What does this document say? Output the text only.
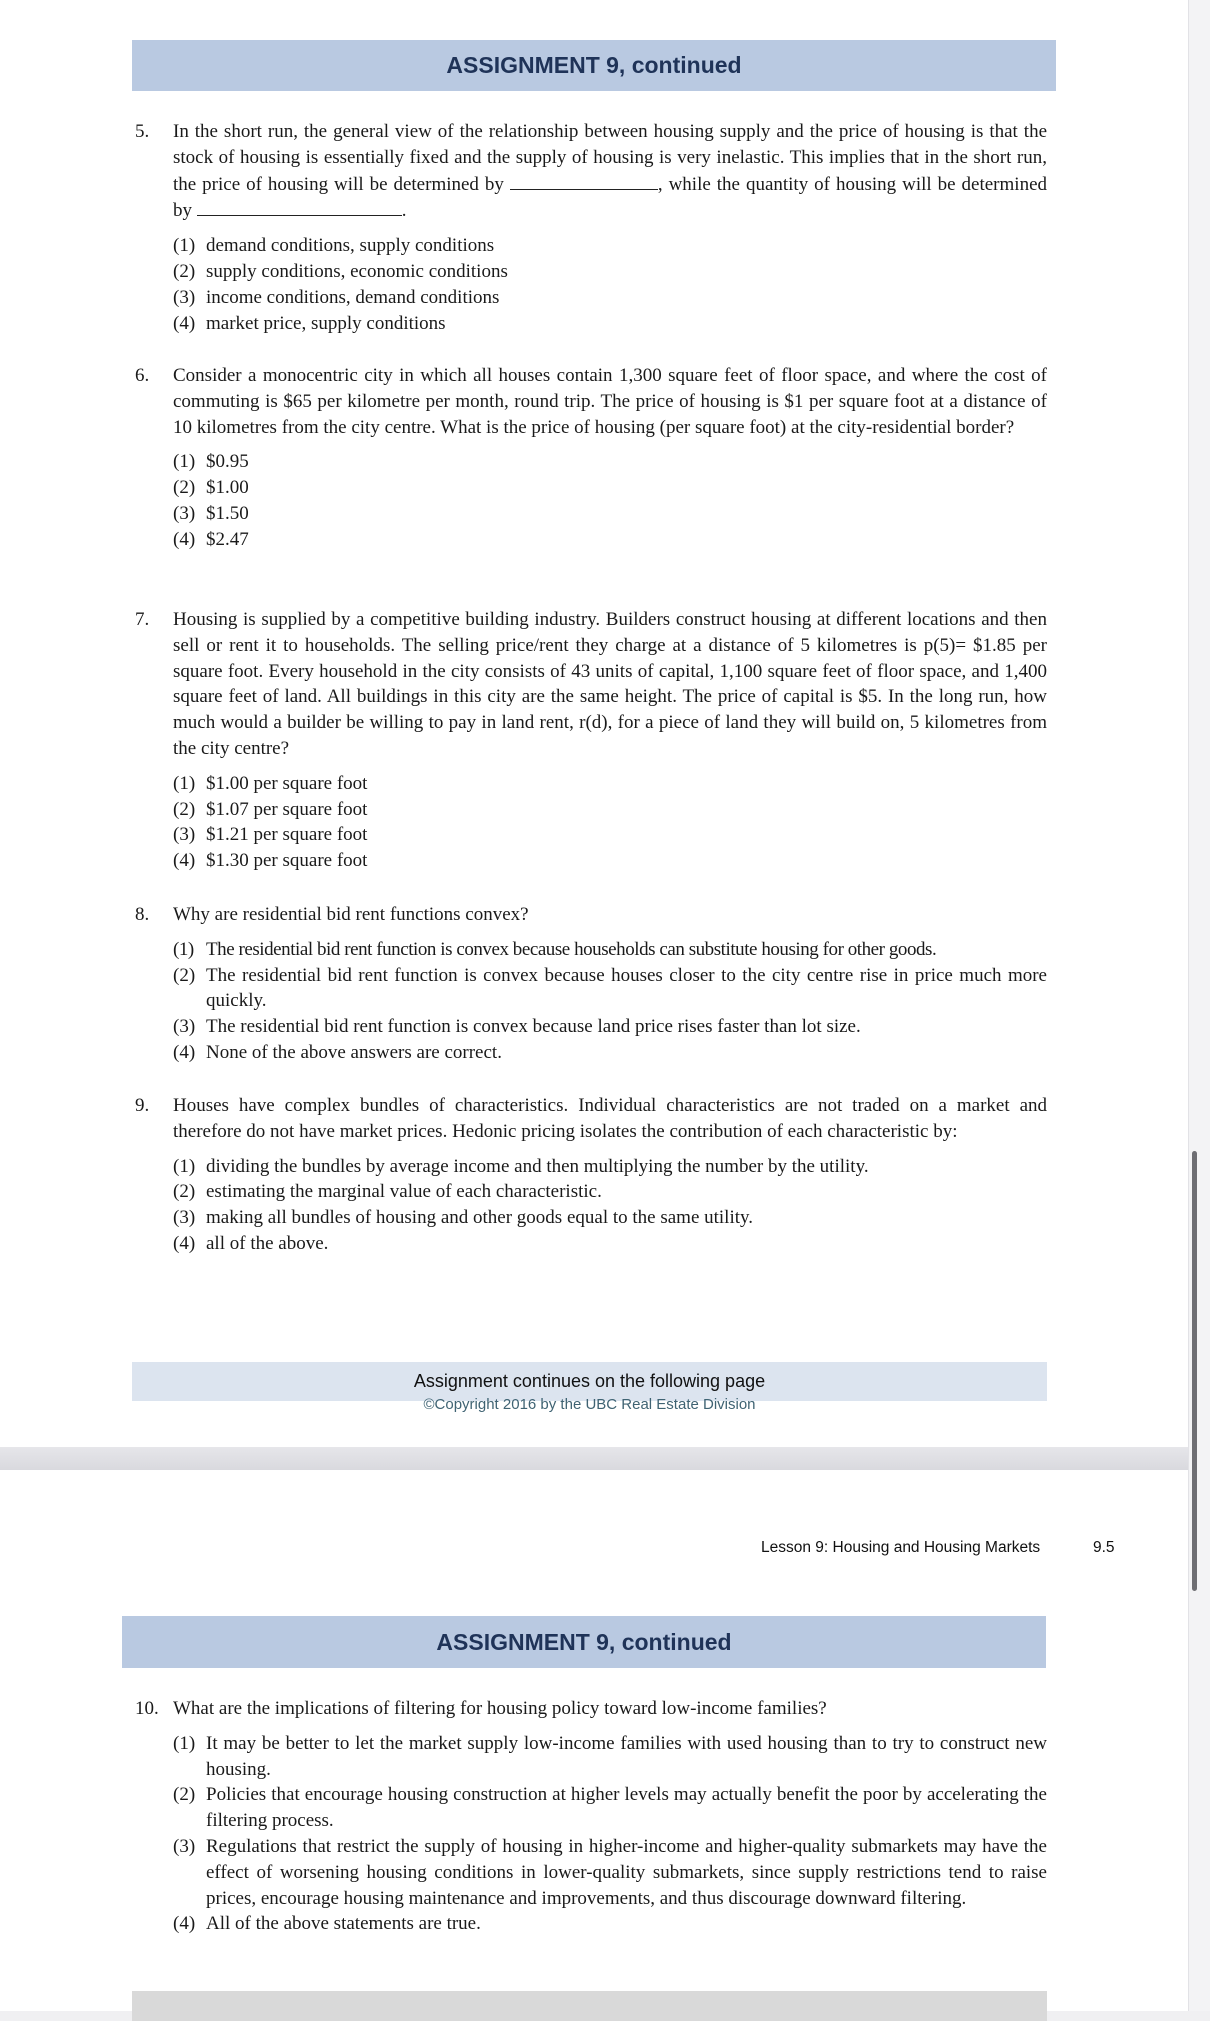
ASSIGNMENT 9, continued
5. In the short run, the general view of the relationship between housing supply and the price of housing is that the stock of housing is essentially fixed and the supply of housing is very inelastic. This implies that in the short run, the price of housing will be determined by	, while the quantity of housing will be determined by	.
(1) demand conditions, supply conditions
(2) supply conditions, economic conditions
(3) income conditions, demand conditions
(4) market price, supply conditions
6. Consider a monocentric city in which all houses contain 1,300 square feet of floor space, and where the cost of commuting is $65 per kilometre per month, round trip. The price of housing is $1 per square foot at a distance of 10 kilometres from the city centre. What is the price of housing (per square foot) at the city-residential border?
(1) $0.95
(2) $1.00
(3) $1.50
(4) $2.47
7. Housing is supplied by a competitive building industry. Builders construct housing at different locations and then sell or rent it to households. The selling price/rent they charge at a distance of 5 kilometres is p(5)= $1.85 per square foot. Every household in the city consists of 43 units of capital, 1,100 square feet of floor space, and 1,400 square feet of land. All buildings in this city are the same height. The price of capital is $5. In the long run, how much would a builder be willing to pay in land rent, r(d), for a piece of land they will build on, 5 kilometres from the city centre?
(1) $1.00 per square foot
(2) $1.07 per square foot
(3) $1.21 per square foot
(4) $1.30 per square foot
8. Why are residential bid rent functions convex?
(1) The residential bid rent function is convex because households can substitute housing for other goods.
(2) The residential bid rent function is convex because houses closer to the city centre rise in price much more quickly.
(3) The residential bid rent function is convex because land price rises faster than lot size.
(4) None of the above answers are correct.
9. Houses have complex bundles of characteristics. Individual characteristics are not traded on a market and therefore do not have market prices. Hedonic pricing isolates the contribution of each characteristic by:
(1) dividing the bundles by average income and then multiplying the number by the utility.
(2) estimating the marginal value of each characteristic.
(3) making all bundles of housing and other goods equal to the same utility.
(4) all of the above.
Assignment continues on the following page
©Copyright 2016 by the UBC Real Estate Division
Lesson 9: Housing and Housing Markets	9.5
ASSIGNMENT 9, continued
10. What are the implications of filtering for housing policy toward low-income families?
(1) It may be better to let the market supply low-income families with used housing than to try to construct new housing.
(2) Policies that encourage housing construction at higher levels may actually benefit the poor by accelerating the filtering process.
(3) Regulations that restrict the supply of housing in higher-income and higher-quality submarkets may have the effect of worsening housing conditions in lower-quality submarkets, since supply restrictions tend to raise prices, encourage housing maintenance and improvements, and thus discourage downward filtering.
(4) All of the above statements are true.
